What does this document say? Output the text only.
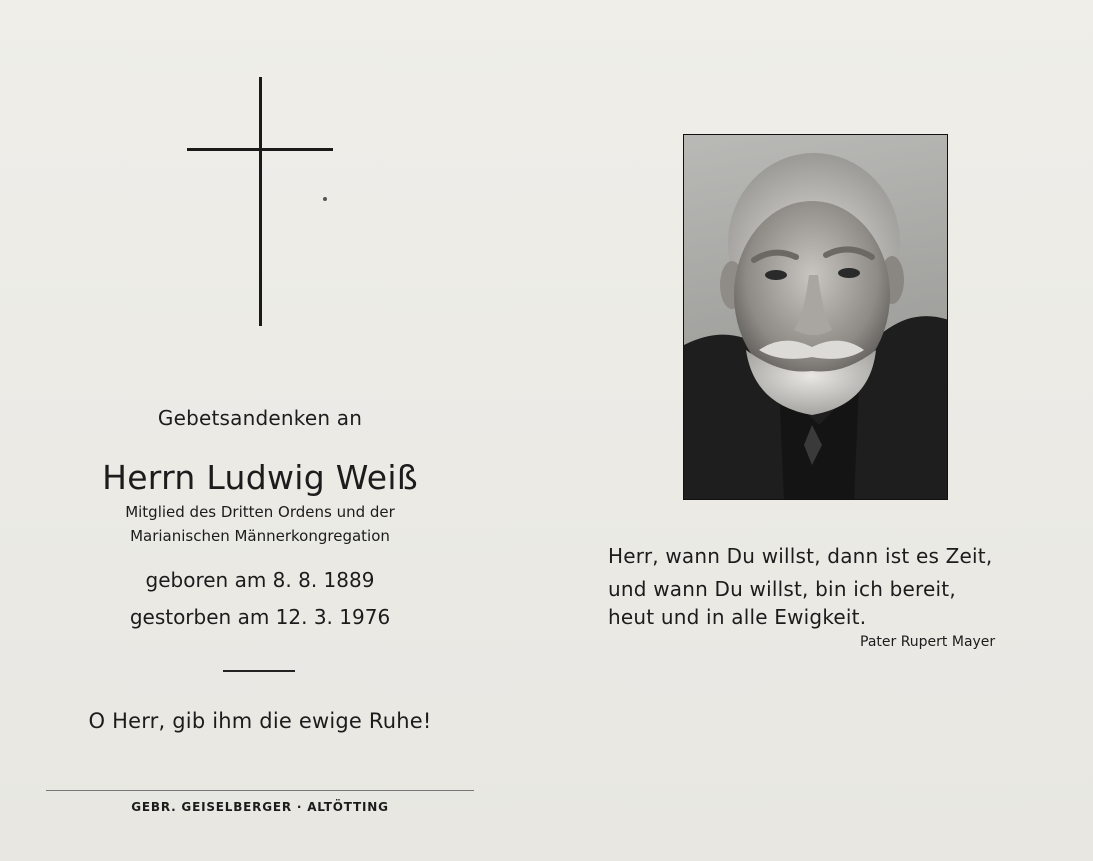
Gebetsandenken an
Herrn Ludwig Weiß
Mitglied des Dritten Ordens und der
Marianischen Männerkongregation
geboren am 8. 8. 1889
gestorben am 12. 3. 1976
O Herr, gib ihm die ewige Ruhe!
GEBR. GEISELBERGER · ALTÖTTING
Herr, wann Du willst, dann ist es Zeit,
und wann Du willst, bin ich bereit,
heut und in alle Ewigkeit.
Pater Rupert Mayer
